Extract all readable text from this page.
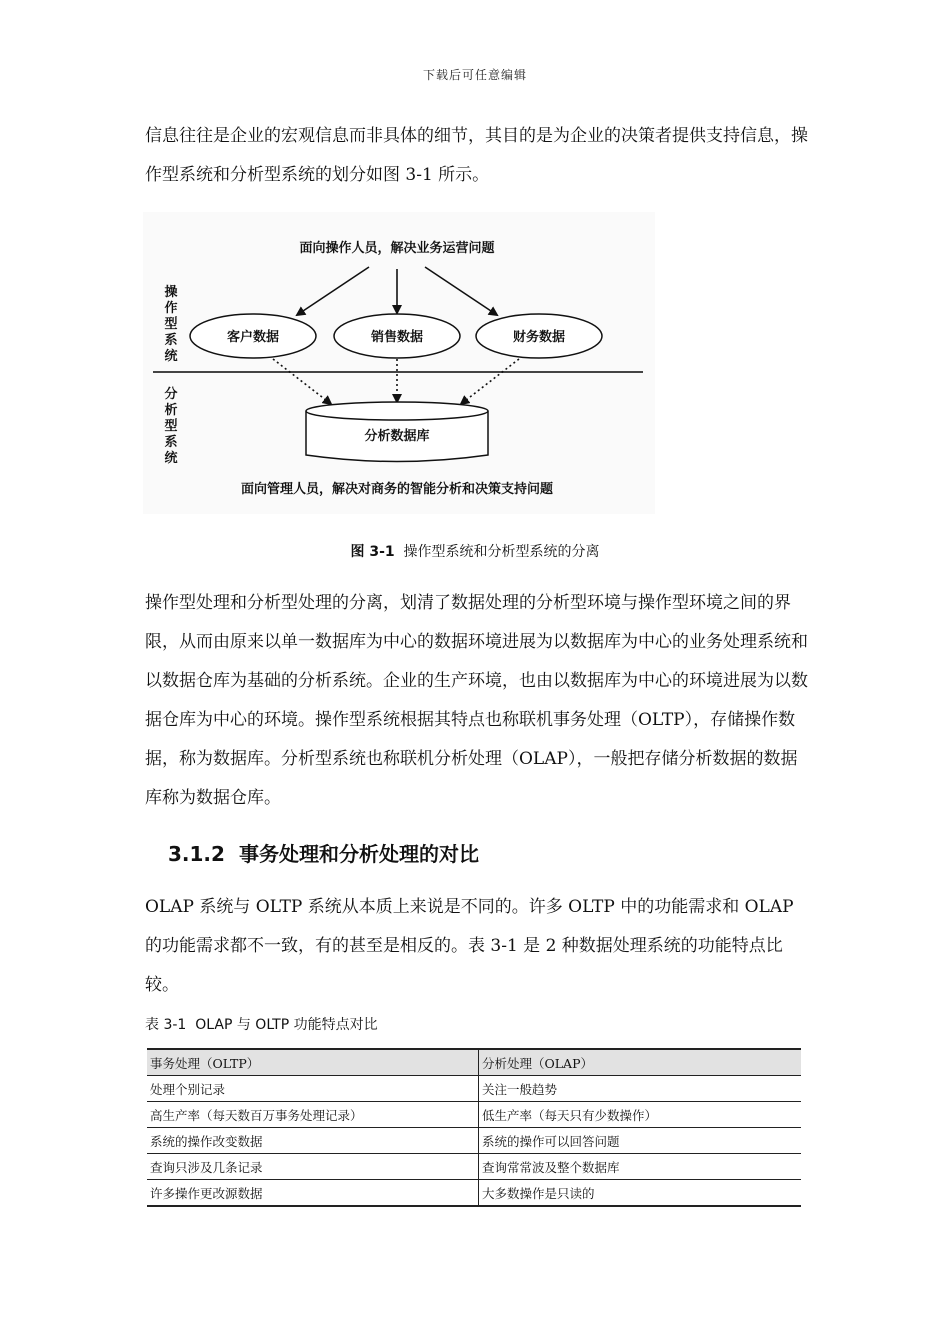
下载后可任意编辑

信息往往是企业的宏观信息而非具体的细节，其目的是为企业的决策者提供支持信息，操作型系统和分析型系统的划分如图 3-1 所示。

面向操作人员，解决业务运营问题
操
作
型
系
统
分
析
型
系
统
客户数据	销售数据	财务数据
分析数据库
面向管理人员，解决对商务的智能分析和决策支持问题
图 3-1 操作型系统和分析型系统的分离

操作型处理和分析型处理的分离，划清了数据处理的分析型环境与操作型环境之间的界限，从而由原来以单一数据库为中心的数据环境进展为以数据库为中心的业务处理系统和以数据仓库为基础的分析系统。企业的生产环境，也由以数据库为中心的环境进展为以数据仓库为中心的环境。操作型系统根据其特点也称联机事务处理（OLTP），存储操作数据，称为数据库。分析型系统也称联机分析处理（OLAP），一般把存储分析数据的数据库称为数据仓库。

3.1.2 事务处理和分析处理的对比

OLAP 系统与 OLTP 系统从本质上来说是不同的。许多 OLTP 中的功能需求和 OLAP 的功能需求都不一致，有的甚至是相反的。表 3-1 是 2 种数据处理系统的功能特点比较。

表 3-1 OLAP 与 OLTP 功能特点对比
事务处理（OLTP）	分析处理（OLAP）
处理个别记录	关注一般趋势
高生产率（每天数百万事务处理记录）	低生产率（每天只有少数操作）
系统的操作改变数据	系统的操作可以回答问题
查询只涉及几条记录	查询常常波及整个数据库
许多操作更改源数据	大多数操作是只读的
